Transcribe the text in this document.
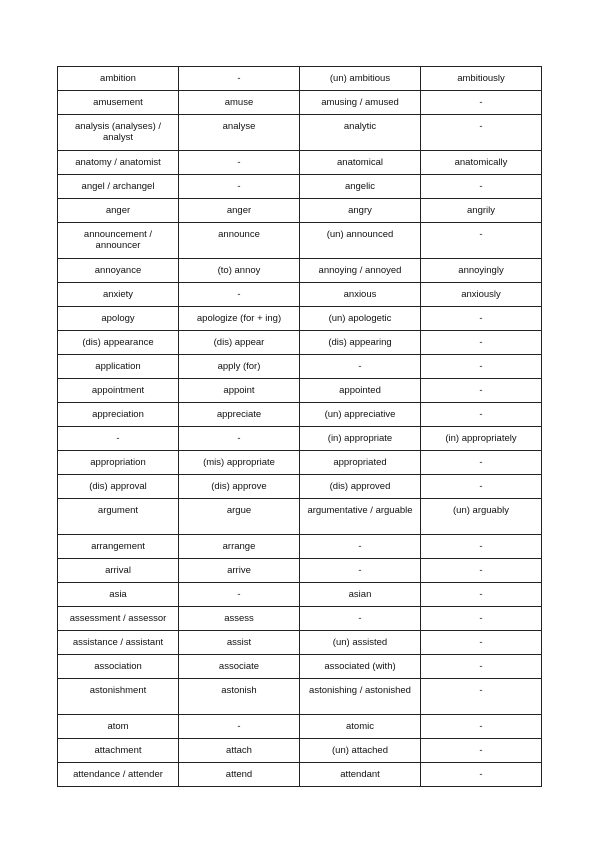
ambition	-	(un) ambitious	ambitiously
amusement	amuse	amusing / amused	-
analysis (analyses) / analyst	analyse	analytic	-
anatomy / anatomist	-	anatomical	anatomically
angel / archangel	-	angelic	-
anger	anger	angry	angrily
announcement / announcer	announce	(un) announced	-
annoyance	(to) annoy	annoying / annoyed	annoyingly
anxiety	-	anxious	anxiously
apology	apologize (for + ing)	(un) apologetic	-
(dis) appearance	(dis) appear	(dis) appearing	-
application	apply (for)	-	-
appointment	appoint	appointed	-
appreciation	appreciate	(un) appreciative	-
-	-	(in) appropriate	(in) appropriately
appropriation	(mis) appropriate	appropriated	-
(dis) approval	(dis) approve	(dis) approved	-
argument	argue	argumentative / arguable	(un) arguably
arrangement	arrange	-	-
arrival	arrive	-	-
asia	-	asian	-
assessment / assessor	assess	-	-
assistance / assistant	assist	(un) assisted	-
association	associate	associated (with)	-
astonishment	astonish	astonishing / astonished	-
atom	-	atomic	-
attachment	attach	(un) attached	-
attendance / attender	attend	attendant	-
